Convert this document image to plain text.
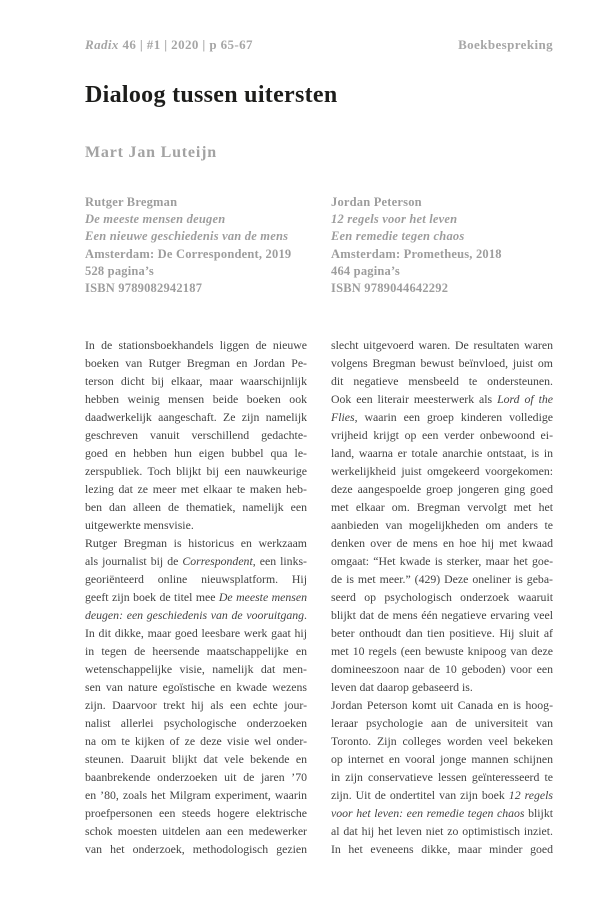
Radix 46 | #1 | 2020 | p 65-67	Boekbespreking
Dialoog tussen uitersten
Mart Jan Luteijn
Rutger Bregman
De meeste mensen deugen
Een nieuwe geschiedenis van de mens
Amsterdam: De Correspondent, 2019
528 pagina’s
ISBN 9789082942187
Jordan Peterson
12 regels voor het leven
Een remedie tegen chaos
Amsterdam: Prometheus, 2018
464 pagina’s
ISBN 9789044642292
In de stationsboekhandels liggen de nieuwe
boeken van Rutger Bregman en Jordan Pe-
terson dicht bij elkaar, maar waarschijnlijk
hebben weinig mensen beide boeken ook
daadwerkelijk aangeschaft. Ze zijn namelijk
geschreven vanuit verschillend gedachte-
goed en hebben hun eigen bubbel qua le-
zerspubliek. Toch blijkt bij een nauwkeurige
lezing dat ze meer met elkaar te maken heb-
ben dan alleen de thematiek, namelijk een
uitgewerkte mensvisie.
Rutger Bregman is historicus en werkzaam
als journalist bij de Correspondent, een links-
georiënteerd online nieuwsplatform. Hij
geeft zijn boek de titel mee De meeste mensen
deugen: een geschiedenis van de vooruitgang.
In dit dikke, maar goed leesbare werk gaat hij
in tegen de heersende maatschappelijke en
wetenschappelijke visie, namelijk dat men-
sen van nature egoïstische en kwade wezens
zijn. Daarvoor trekt hij als een echte jour-
nalist allerlei psychologische onderzoeken
na om te kijken of ze deze visie wel onder-
steunen. Daaruit blijkt dat vele bekende en
baanbrekende onderzoeken uit de jaren ’70
en ’80, zoals het Milgram experiment, waarin
proefpersonen een steeds hogere elektrische
schok moesten uitdelen aan een medewerker
van het onderzoek, methodologisch gezien
slecht uitgevoerd waren. De resultaten waren
volgens Bregman bewust beïnvloed, juist om
dit negatieve mensbeeld te ondersteunen.
Ook een literair meesterwerk als Lord of the
Flies, waarin een groep kinderen volledige
vrijheid krijgt op een verder onbewoond ei-
land, waarna er totale anarchie ontstaat, is in
werkelijkheid juist omgekeerd voorgekomen:
deze aangespoelde groep jongeren ging goed
met elkaar om. Bregman vervolgt met het
aanbieden van mogelijkheden om anders te
denken over de mens en hoe hij met kwaad
omgaat: “Het kwade is sterker, maar het goe-
de is met meer.” (429) Deze oneliner is geba-
seerd op psychologisch onderzoek waaruit
blijkt dat de mens één negatieve ervaring veel
beter onthoudt dan tien positieve. Hij sluit af
met 10 regels (een bewuste knipoog van deze
domineeszoon naar de 10 geboden) voor een
leven dat daarop gebaseerd is.
Jordan Peterson komt uit Canada en is hoog-
leraar psychologie aan de universiteit van
Toronto. Zijn colleges worden veel bekeken
op internet en vooral jonge mannen schijnen
in zijn conservatieve lessen geïnteresseerd te
zijn. Uit de ondertitel van zijn boek 12 regels
voor het leven: een remedie tegen chaos blijkt
al dat hij het leven niet zo optimistisch inziet.
In het eveneens dikke, maar minder goed
